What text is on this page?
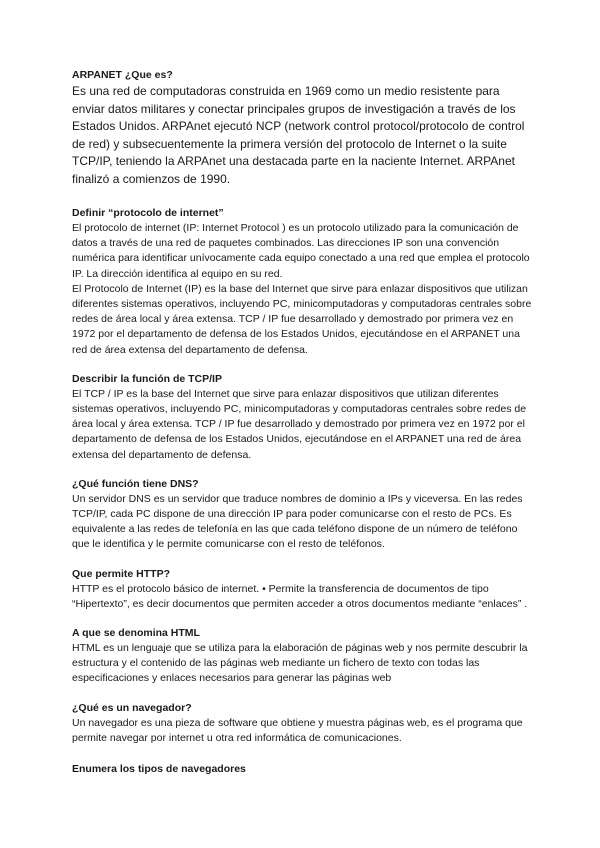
ARPANET ¿Que es?

Es una red de computadoras construida en 1969 como un medio resistente para enviar datos militares y conectar principales grupos de investigación a través de los Estados Unidos. ARPAnet ejecutó NCP (network control protocol/protocolo de control de red) y subsecuentemente la primera versión del protocolo de Internet o la suite TCP/IP, teniendo la ARPAnet una destacada parte en la naciente Internet. ARPAnet finalizó a comienzos de 1990.

Definir “protocolo de internet”

El protocolo de internet (IP: Internet Protocol ) es un protocolo utilizado para la comunicación de datos a través de una red de paquetes combinados. Las direcciones IP son una convención numérica para identificar unívocamente cada equipo conectado a una red que emplea el protocolo IP. La dirección identifica al equipo en su red.

El Protocolo de Internet (IP) es la base del Internet que sirve para enlazar dispositivos que utilizan diferentes sistemas operativos, incluyendo PC, minicomputadoras y computadoras centrales sobre redes de área local y área extensa. TCP / IP fue desarrollado y demostrado por primera vez en 1972 por el departamento de defensa de los Estados Unidos, ejecutándose en el ARPANET una red de área extensa del departamento de defensa.

Describir la función de TCP/IP

El TCP / IP es la base del Internet que sirve para enlazar dispositivos que utilizan diferentes sistemas operativos, incluyendo PC, minicomputadoras y computadoras centrales sobre redes de área local y área extensa. TCP / IP fue desarrollado y demostrado por primera vez en 1972 por el departamento de defensa de los Estados Unidos, ejecutándose en el ARPANET una red de área extensa del departamento de defensa.

¿Qué función tiene DNS?

Un servidor DNS es un servidor que traduce nombres de dominio a IPs y viceversa. En las redes TCP/IP, cada PC dispone de una dirección IP para poder comunicarse con el resto de PCs. Es equivalente a las redes de telefonía en las que cada teléfono dispone de un número de teléfono que le identifica y le permite comunicarse con el resto de teléfonos.

Que permite HTTP?

HTTP es el protocolo básico de internet. • Permite la transferencia de documentos de tipo “Hipertexto”, es decir documentos que permiten acceder a otros documentos mediante “enlaces” .

A que se denomina HTML

HTML es un lenguaje que se utiliza para la elaboración de páginas web y nos permite descubrir la estructura y el contenido de las páginas web mediante un fichero de texto con todas las especificaciones y enlaces necesarios para generar las páginas web

¿Qué es un navegador?

Un navegador es una pieza de software que obtiene y muestra páginas web, es el programa que permite navegar por internet u otra red informática de comunicaciones.

Enumera los tipos de navegadores
